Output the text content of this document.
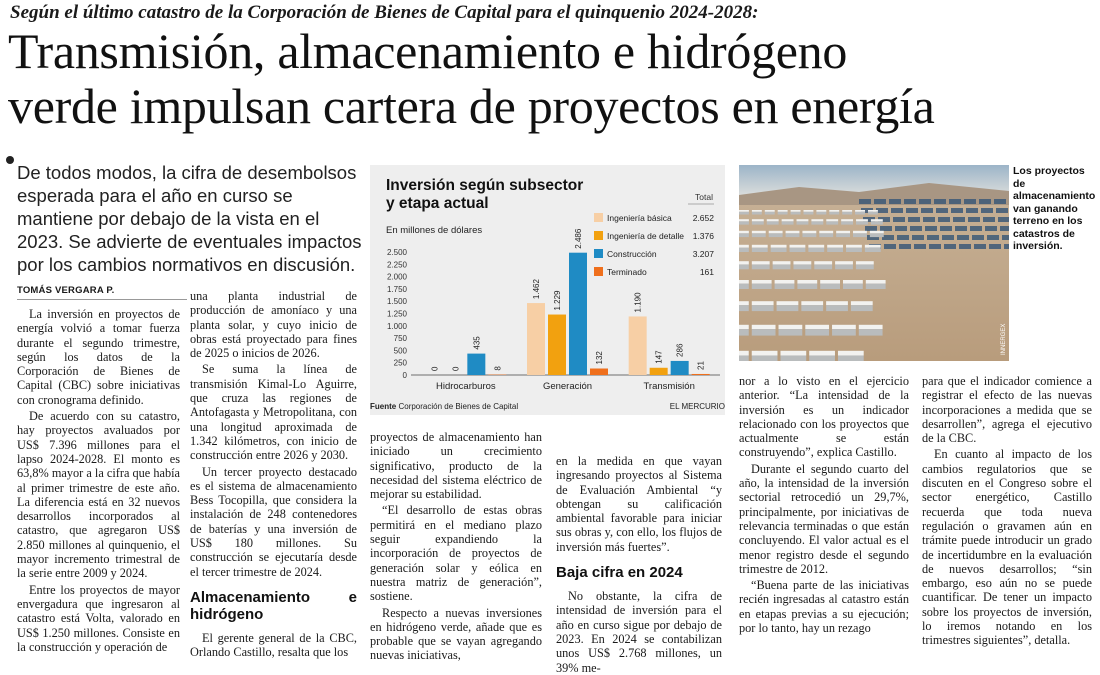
Según el último catastro de la Corporación de Bienes de Capital para el quinquenio 2024-2028:
Transmisión, almacenamiento e hidrógeno
verde impulsan cartera de proyectos en energía
De todos modos, la cifra de desembolsos esperada para el año en curso se mantiene por debajo de la vista en el 2023. Se advierte de eventuales impactos por los cambios normativos en discusión.
TOMÁS VERGARA P.

La inversión en proyectos de energía volvió a tomar fuerza durante el segundo trimestre, según los datos de la Corporación de Bienes de Capital (CBC) sobre iniciativas con cronograma definido.

De acuerdo con su catastro, hay proyectos avaluados por US$ 7.396 millones para el lapso 2024-2028. El monto es 63,8% mayor a la cifra que había al primer trimestre de este año. La diferencia está en 32 nuevos desarrollos incorporados al catastro, que agregaron US$ 2.850 millones al quinquenio, el mayor incremento trimestral de la serie entre 2009 y 2024.

Entre los proyectos de mayor envergadura que ingresaron al catastro está Volta, valorado en US$ 1.250 millones. Consiste en la construcción y operación de

una planta industrial de producción de amoníaco y una planta solar, y cuyo inicio de obras está proyectado para fines de 2025 o inicios de 2026.

Se suma la línea de transmisión Kimal-Lo Aguirre, que cruza las regiones de Antofagasta y Metropolitana, con una longitud aproximada de 1.342 kilómetros, con inicio de construcción entre 2026 y 2030.

Un tercer proyecto destacado es el sistema de almacenamiento Bess Tocopilla, que considera la instalación de 248 contenedores de baterías y una inversión de US$ 180 millones. Su construcción se ejecutaría desde el tercer trimestre de 2024.

Almacenamiento e hidrógeno

El gerente general de la CBC, Orlando Castillo, resalta que los

proyectos de almacenamiento han iniciado un crecimiento significativo, producto de la necesidad del sistema eléctrico de mejorar su estabilidad.

“El desarrollo de estas obras permitirá en el mediano plazo seguir expandiendo la incorporación de proyectos de generación solar y eólica en nuestra matriz de generación”, sostiene.

Respecto a nuevas inversiones en hidrógeno verde, añade que es probable que se vayan agregando nuevas iniciativas,

en la medida en que vayan ingresando proyectos al Sistema de Evaluación Ambiental “y obtengan su calificación ambiental favorable para iniciar sus obras y, con ello, los flujos de inversión más fuertes”.

Baja cifra en 2024

No obstante, la cifra de intensidad de inversión para el año en curso sigue por debajo de 2023. En 2024 se contabilizan unos US$ 2.768 millones, un 39% me-

nor a lo visto en el ejercicio anterior. “La intensidad de la inversión es un indicador relacionado con los proyectos que actualmente se están construyendo”, explica Castillo.

Durante el segundo cuarto del año, la intensidad de la inversión sectorial retrocedió un 29,7%, principalmente, por iniciativas de relevancia terminadas o que están concluyendo. El valor actual es el menor registro desde el segundo trimestre de 2012.

“Buena parte de las iniciativas recién ingresadas al catastro están en etapas previas a su ejecución; por lo tanto, hay un rezago

para que el indicador comience a registrar el efecto de las nuevas incorporaciones a medida que se desarrollen”, agrega el ejecutivo de la CBC.

En cuanto al impacto de los cambios regulatorios que se discuten en el Congreso sobre el sector energético, Castillo recuerda que toda nueva regulación o gravamen aún en trámite puede introducir un grado de incertidumbre en la evaluación de nuevos desarrollos; “sin embargo, eso aún no se puede cuantificar. De tener un impacto sobre los proyectos de inversión, lo iremos notando en los trimestres siguientes”, detalla.

Inversión según subsector y etapa actual
En millones de dólares
0
250
500
750
1.000
1.250
1.500
1.750
2.000
2.250
2.500
0 0
435
8
Hidrocarburos
1.462
1.229
2.486
132
Generación
1.190
147
286
21
Transmisión
Total
Ingeniería básica 2.652
Ingeniería de detalle 1.376
Construcción	3.207
Terminado	161
Fuente Corporación de Bienes de Capital	EL MERCURIO
INNERGEX
Los proyectos de almacenamiento van ganando terreno en los catastros de inversión.
